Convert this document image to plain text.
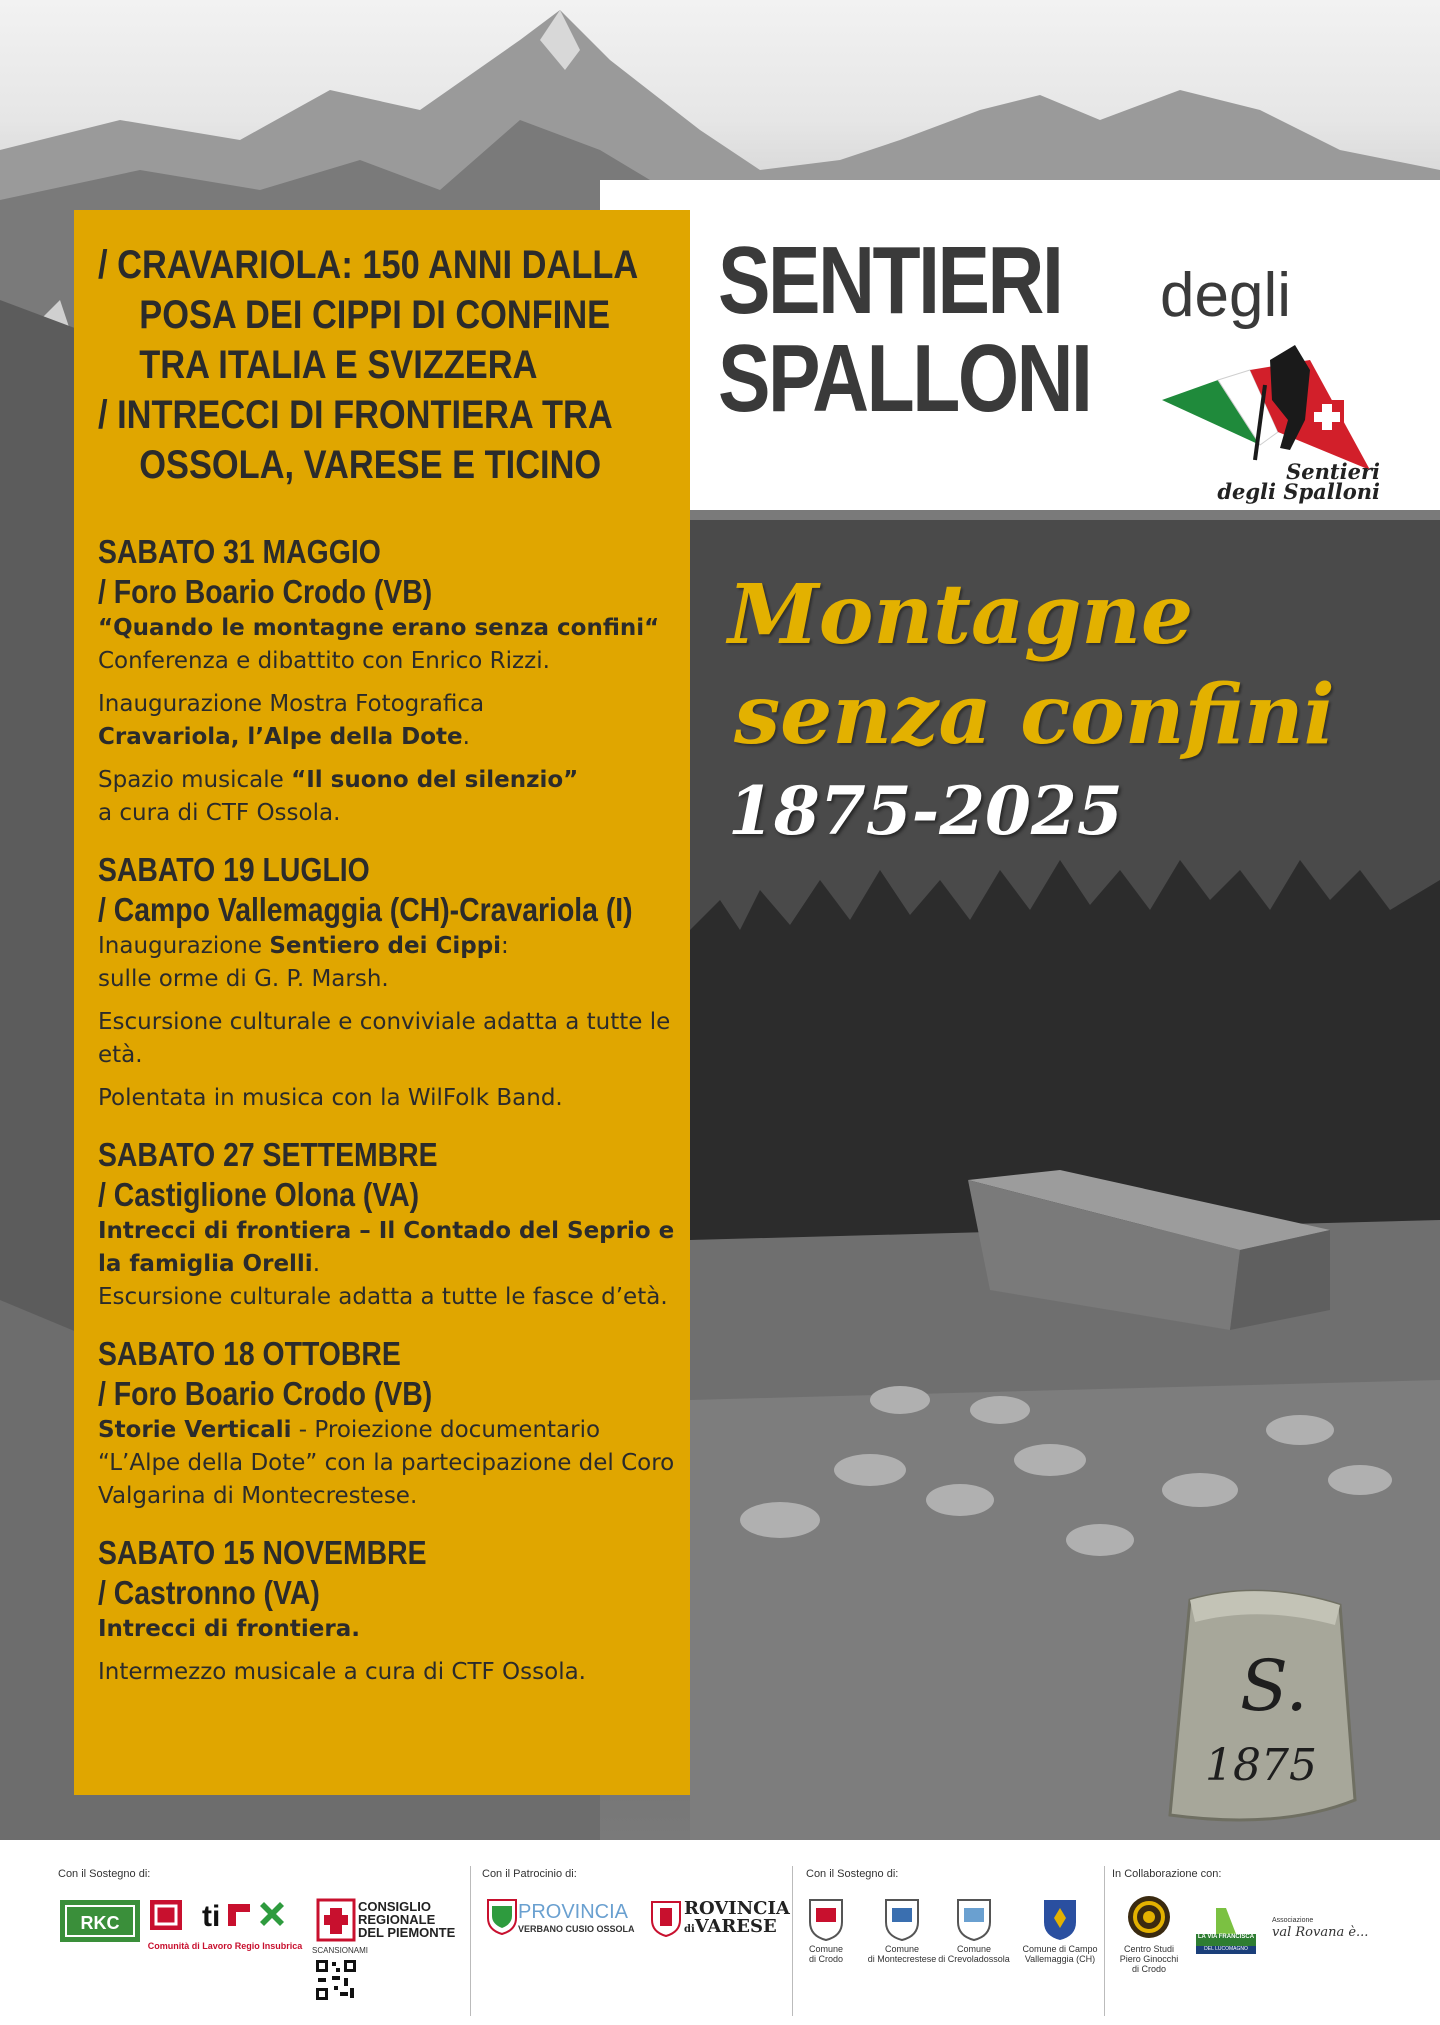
SENTIERI
SPALLONI
degli
Sentieri
degli Spalloni
/ CRAVARIOLA: 150 ANNI DALLA POSA DEI CIPPI DI CONFINE TRA ITALIA E SVIZZERA
/ INTRECCI DI FRONTIERA TRA OSSOLA, VARESE E TICINO
SABATO 31 MAGGIO
/ Foro Boario Crodo (VB)

“Quando le montagne erano senza confini“

Conferenza e dibattito con Enrico Rizzi.

Inaugurazione Mostra Fotografica

Cravariola, l’Alpe della Dote.

Spazio musicale “Il suono del silenzio”

a cura di CTF Ossola.

SABATO 19 LUGLIO
/ Campo Vallemaggia (CH)-Cravariola (I)

Inaugurazione Sentiero dei Cippi:

sulle orme di G. P. Marsh.

Escursione culturale e conviviale adatta a tutte le età.

Polentata in musica con la WilFolk Band.

SABATO 27 SETTEMBRE
/ Castiglione Olona (VA)

Intrecci di frontiera – Il Contado del Seprio e la famiglia Orelli.

Escursione culturale adatta a tutte le fasce d’età.

SABATO 18 OTTOBRE
/ Foro Boario Crodo (VB)

Storie Verticali - Proiezione documentario “L’Alpe della Dote” con la partecipazione del Coro Valgarina di Montecrestese.

SABATO 15 NOVEMBRE
/ Castronno (VA)

Intrecci di frontiera.

Intermezzo musicale a cura di CTF Ossola.

Montagne
senza confini
1875-2025
S.
1875
Con il Sostegno di:
RKC	ti
Comunità di Lavoro Regio Insubrica
CONSIGLIO
REGIONALE
DEL PIEMONTE
SCANSIONAMI
Con il Patrocinio di:
PROVINCIA
VERBANO CUSIO OSSOLA
ROVINCIA
diVARESE
Con il Sostegno di:
Comune
di Crodo
Comune
di Montecrestese
Comune
di Crevoladossola
Comune di Campo
Vallemaggia (CH)
In Collaborazione con:
Centro Studi
Piero Ginocchi
di Crodo
LA VIA FRANCISCA
DEL LUCOMAGNO
Associazione
val Rovana è...
